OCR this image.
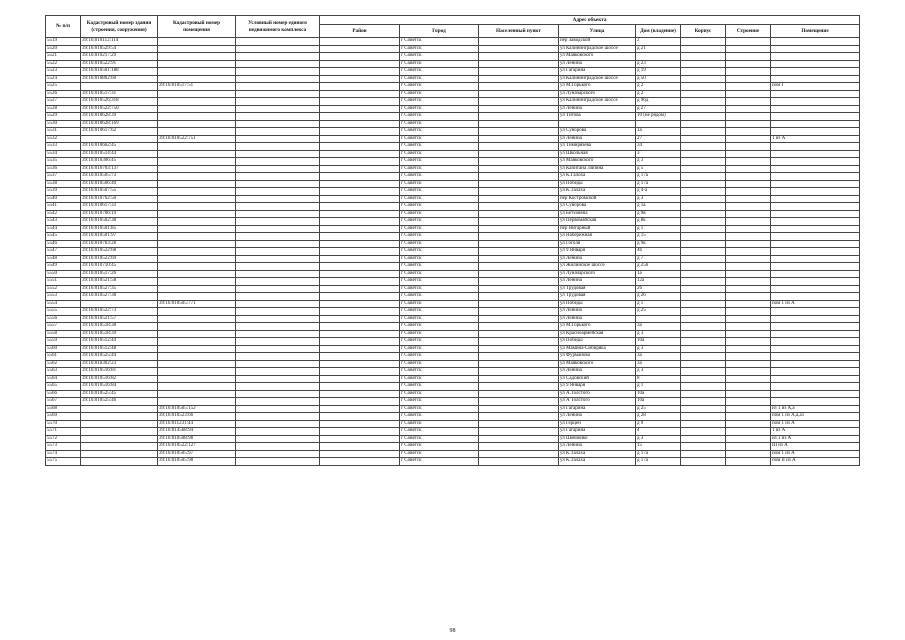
№ п/п	Кадастровый номер здания (строения, сооружения)	Кадастровый номер помещения	Условный номер единого недвижимого комплекса	Адрес объекта							
				Район	Город	Населенный пункт	Улица	Дом (владение)	Корпус	Строение	Помещение
5519	39:16:010112:114				г Советск		пер Заводской	2			
5520	39:16:010529:54				г Советск		ул Калининградское шоссе	д 21			
5521	39:16:010217:29				г Советск		ул Маяковского				
5522	39:16:010522:91				г Советск		ул Ленина	д 23			
5523	39:16:010501:188				г Советск		ул Гагарина	д 19			
5524	39:16:010802:60				г Советск		ул Калининградское шоссе	д 50			
5525		39:16:010517:51			г Советск		ул М.Горького	д 2			пом I
5526	39:16:010517:31				г Советск		ул Луначарского	д 2			
5527	39:16:010526:318				г Советск		ул Калининградское шоссе	д 96д			
5528	39:16:010522:750				г Советск		ул Ленина	д 27			
5529	39:16:010628:39				г Советск		ул Титова	10 (не рядом)			
5530	39:16:010628:169				г Советск						
5531	39:16:010617:62				г Советск		ул Суворова	1а			
5532		39:16:010522:751			г Советск		ул Ленина	27			1 из А
5533	39:16:010662:45				г Советск		ул Тимирязева	34			
5534	39:16:010514:44				г Советск		ул Школьная	3			
5535	39:16:010306:45				г Советск		ул Маяковского	д 3			
5536	39:16:010703:137				г Советск		ул Капитана Ляпина	д 5			
5537	39:16:010505:73				г Советск		ул К.Галоха	д 17а			
5538	39:16:010506:40				г Советск		ул Победы	д 17а			
5539	39:16:010507:55				г Советск		ул К.Талаха	д 4-а			
5540	39:16:010762:50				г Советск		пер Костромской	д 3			
5541	39:16:010617:33				г Советск		ул Суворова	д 1а			
5542	39:16:010706:19				г Советск		ул Бетховена	д 9в			
5543	39:16:010502:38				г Советск		ул Первомайская	д 8к			
5544	39:16:010501:85				г Советск		пер Янтарный	д 1			
5545	39:16:010501:97				г Советск		ул Набережная	д 15			
5546	39:16:010703:28				г Советск		ул Гоголя	д 9к			
5547	39:16:010522:68				г Советск		ул 9 Января	4б			
5548	39:16:010522:69				г Советск		ул Ленина	д 7			
5549	39:16:010710:45				г Советск		ул Жилинское шоссе	д 25б			
5550	39:16:010517:26				г Советск		ул Луначарского	1а			
5551	39:16:010521:58				г Советск		ул Ленина	12а			
5552	39:16:010527:35				г Советск		ул Трудовая	26			
5553	39:16:010527:38				г Советск		ул Трудовая	д 26			
5554		39:16:010505:771			г Советск		ул Победы	д 1			пом 1 из А
5555	39:16:010522:73				г Советск		ул Ленина	д 25			
5556	39:16:010521:57				г Советск		ул Ленина				
5557	39:16:010518:38				г Советск		ул М.Горького	3а			
5558	39:16:010518:39				г Советск		ул Красноармейская	д 3			
5559	39:16:010512:44				г Советск		ул Победы	10а			
5560	39:16:010512:48				г Советск		ул Мамина-Сибиряка	д 3			
5561	39:16:010525:44				г Советск		ул Фурманова	3а			
5562	39:16:010302:23				г Советск		ул Маяковского	3а			
5563	39:16:010516:81				г Советск		ул Ленина	д 3			
5564	39:16:010516:82				г Советск		ул Садовский	8			
5565	39:16:010516:84				г Советск		ул 9 Января	д 1			
5566	39:16:010525:45				г Советск		ул А.Толстого	10а			
5567	39:16:010525:46				г Советск		ул А Толстого	10а			
5568		39:16:010505:152			г Советск		ул Гагарина	д 25			из 1 из А,а
5569		39:16:010523:66			г Советск		ул Ленина	д 28			пом 1 из А,а,а1
5570		39:16:011231:44			г Советск		ул Герцен	д 9			пом 1 из А
5571		39:16:014568:94			г Советск		ул Гагарина	4			1 из А
5572		39:16:010508:98			г Советск		ул Шевченко	д 3			из 1 из А
5573		39:16:010522:127			г Советск		ул Ленина	15			III из А
5574		39:16:010505:97			г Советск		ул К.Талаха	д 17а			пом 1 из А
5575		39:16:010505:98			г Советск		ул К.Талаха	д 17а			пом II из А
98
